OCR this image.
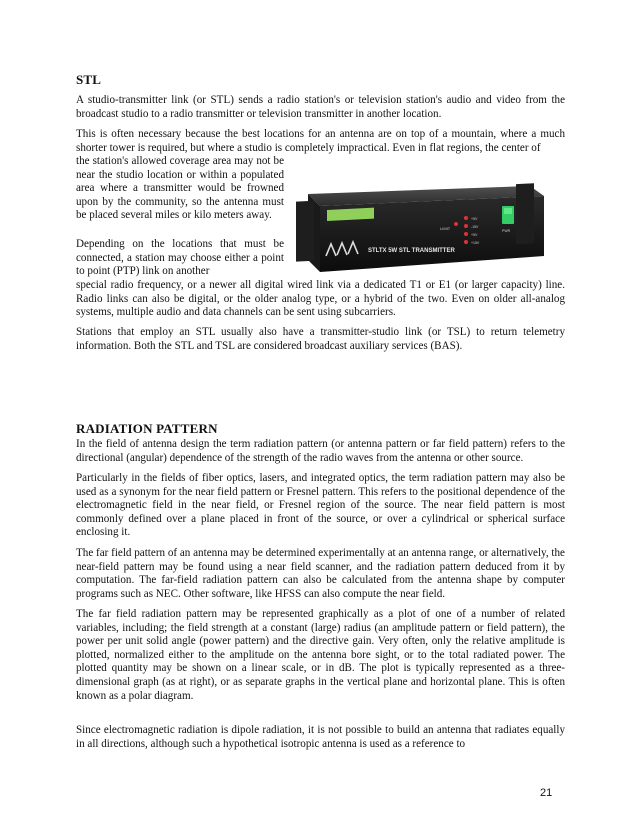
STL

A studio-transmitter link (or STL) sends a radio station's or television station's audio and video from the broadcast studio to a radio transmitter or television transmitter in another location.

This is often necessary because the best locations for an antenna are on top of a mountain, where a much shorter tower is required, but where a studio is completely impractical. Even in flat regions, the center of

the station's allowed coverage area may not be near the studio location or within a populated area where a transmitter would be frowned upon by the community, so the antenna must be placed several miles or kilo meters away.

Depending on the locations that must be connected, a station may choose either a point to point (PTP) link on another

special radio frequency, or a newer all digital wired link via a dedicated T1 or E1 (or larger capacity) line. Radio links can also be digital, or the older analog type, or a hybrid of the two. Even on older all-analog systems, multiple audio and data channels can be sent using subcarriers.

Stations that employ an STL usually also have a transmitter-studio link (or TSL) to return telemetry information. Both the STL and TSL are considered broadcast auxiliary services (BAS).

STLTX 5W STL TRANSMITTER
LIMIT
+5V
-15V
+5V
+15V
PWR
RADIATION PATTERN

In the field of antenna design the term radiation pattern (or antenna pattern or far field pattern) refers to the directional (angular) dependence of the strength of the radio waves from the antenna or other source.

Particularly in the fields of fiber optics, lasers, and integrated optics, the term radiation pattern may also be used as a synonym for the near field pattern or Fresnel pattern. This refers to the positional dependence of the electromagnetic field in the near field, or Fresnel region of the source. The near field pattern is most commonly defined over a plane placed in front of the source, or over a cylindrical or spherical surface enclosing it.

The far field pattern of an antenna may be determined experimentally at an antenna range, or alternatively, the near-field pattern may be found using a near field scanner, and the radiation pattern deduced from it by computation. The far-field radiation pattern can also be calculated from the antenna shape by computer programs such as NEC. Other software, like HFSS can also compute the near field.

The far field radiation pattern may be represented graphically as a plot of one of a number of related variables, including; the field strength at a constant (large) radius (an amplitude pattern or field pattern), the power per unit solid angle (power pattern) and the directive gain. Very often, only the relative amplitude is plotted, normalized either to the amplitude on the antenna bore sight, or to the total radiated power. The plotted quantity may be shown on a linear scale, or in dB. The plot is typically represented as a three-dimensional graph (as at right), or as separate graphs in the vertical plane and horizontal plane. This is often known as a polar diagram.

Since electromagnetic radiation is dipole radiation, it is not possible to build an antenna that radiates equally in all directions, although such a hypothetical isotropic antenna is used as a reference to

21
